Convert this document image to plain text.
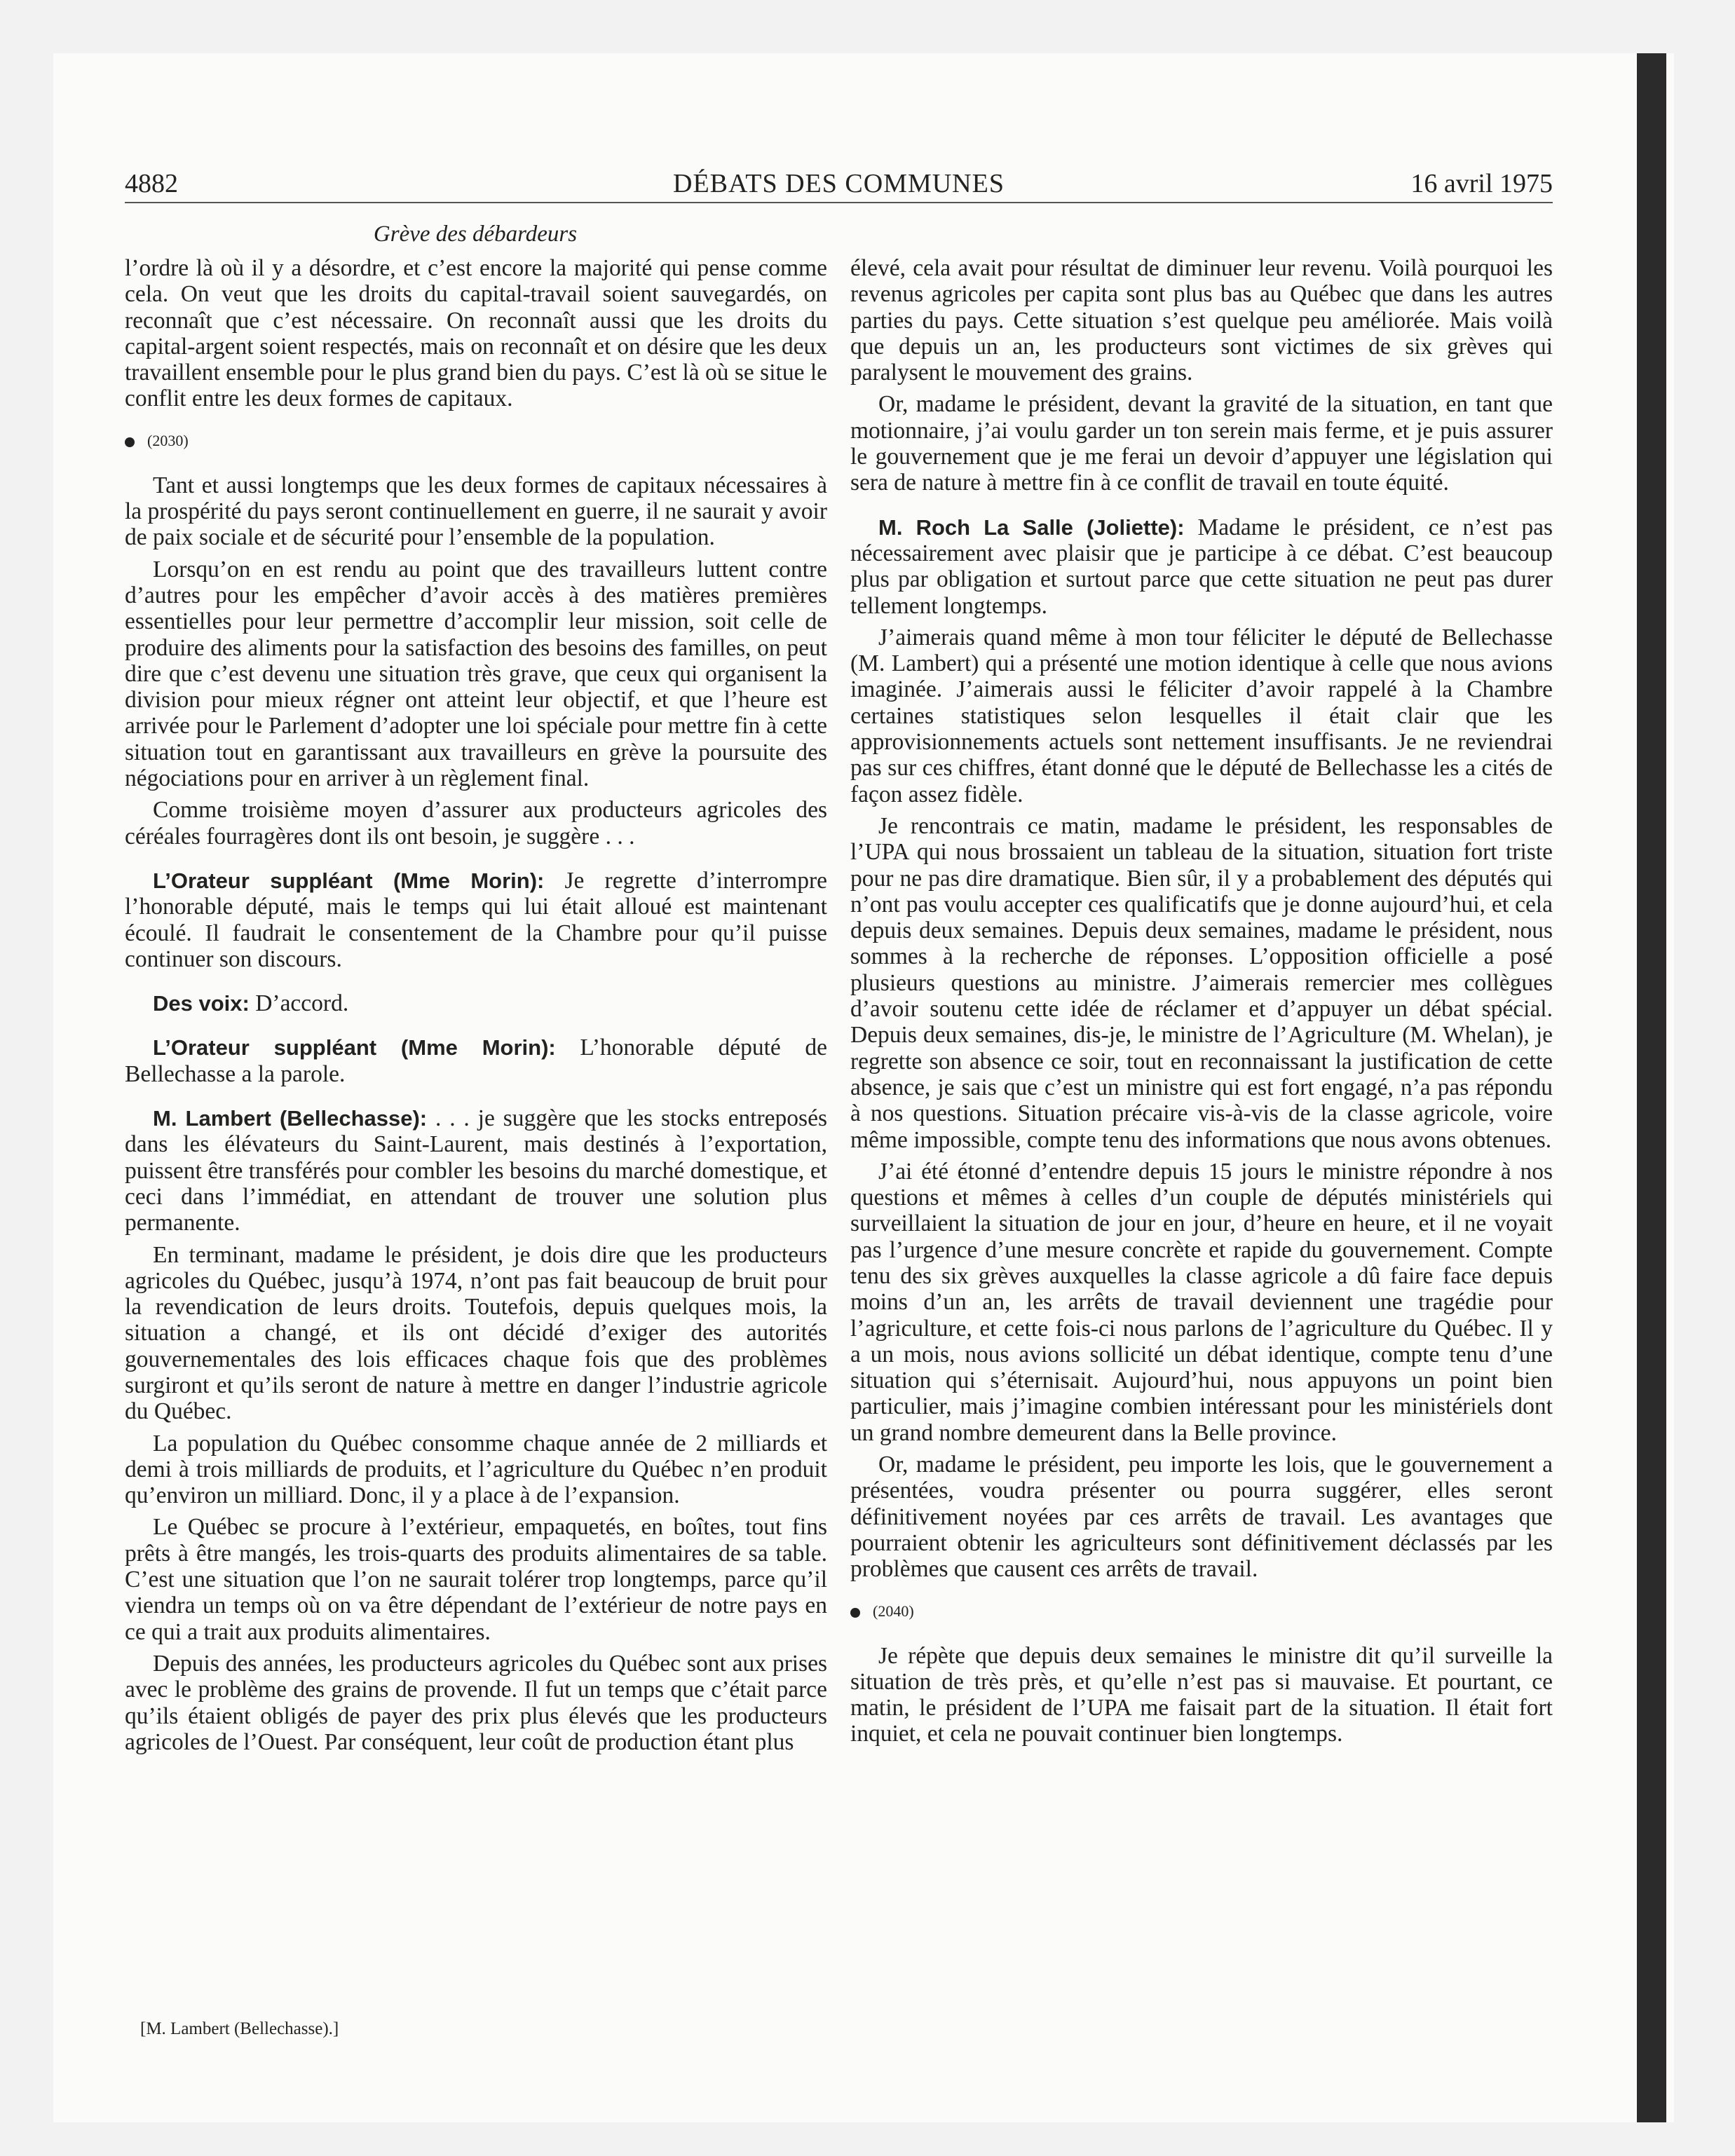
4882	DÉBATS DES COMMUNES	16 avril 1975
Grève des débardeurs

l’ordre là où il y a désordre, et c’est encore la majorité qui pense comme cela. On veut que les droits du capital-travail soient sauvegardés, on reconnaît que c’est nécessaire. On reconnaît aussi que les droits du capital-argent soient respectés, mais on reconnaît et on désire que les deux travaillent ensemble pour le plus grand bien du pays. C’est là où se situe le conflit entre les deux formes de capitaux.

(2030)

Tant et aussi longtemps que les deux formes de capitaux nécessaires à la prospérité du pays seront continuellement en guerre, il ne saurait y avoir de paix sociale et de sécurité pour l’ensemble de la population.

Lorsqu’on en est rendu au point que des travailleurs luttent contre d’autres pour les empêcher d’avoir accès à des matières premières essentielles pour leur permettre d’accomplir leur mission, soit celle de produire des aliments pour la satisfaction des besoins des familles, on peut dire que c’est devenu une situation très grave, que ceux qui organisent la division pour mieux régner ont atteint leur objectif, et que l’heure est arrivée pour le Parlement d’adopter une loi spéciale pour mettre fin à cette situation tout en garantissant aux travailleurs en grève la poursuite des négociations pour en arriver à un règlement final.

Comme troisième moyen d’assurer aux producteurs agricoles des céréales fourragères dont ils ont besoin, je suggère . . .

L’Orateur suppléant (Mme Morin): Je regrette d’interrompre l’honorable député, mais le temps qui lui était alloué est maintenant écoulé. Il faudrait le consentement de la Chambre pour qu’il puisse continuer son discours.

Des voix: D’accord.

L’Orateur suppléant (Mme Morin): L’honorable député de Bellechasse a la parole.

M. Lambert (Bellechasse): . . . je suggère que les stocks entreposés dans les élévateurs du Saint-Laurent, mais destinés à l’exportation, puissent être transférés pour combler les besoins du marché domestique, et ceci dans l’immédiat, en attendant de trouver une solution plus permanente.

En terminant, madame le président, je dois dire que les producteurs agricoles du Québec, jusqu’à 1974, n’ont pas fait beaucoup de bruit pour la revendication de leurs droits. Toutefois, depuis quelques mois, la situation a changé, et ils ont décidé d’exiger des autorités gouvernementales des lois efficaces chaque fois que des problèmes surgiront et qu’ils seront de nature à mettre en danger l’industrie agricole du Québec.

La population du Québec consomme chaque année de 2 milliards et demi à trois milliards de produits, et l’agriculture du Québec n’en produit qu’environ un milliard. Donc, il y a place à de l’expansion.

Le Québec se procure à l’extérieur, empaquetés, en boîtes, tout fins prêts à être mangés, les trois-quarts des produits alimentaires de sa table. C’est une situation que l’on ne saurait tolérer trop longtemps, parce qu’il viendra un temps où on va être dépendant de l’extérieur de notre pays en ce qui a trait aux produits alimentaires.

Depuis des années, les producteurs agricoles du Québec sont aux prises avec le problème des grains de provende. Il fut un temps que c’était parce qu’ils étaient obligés de payer des prix plus élevés que les producteurs agricoles de l’Ouest. Par conséquent, leur coût de production étant plus

élevé, cela avait pour résultat de diminuer leur revenu. Voilà pourquoi les revenus agricoles per capita sont plus bas au Québec que dans les autres parties du pays. Cette situation s’est quelque peu améliorée. Mais voilà que depuis un an, les producteurs sont victimes de six grèves qui paralysent le mouvement des grains.

Or, madame le président, devant la gravité de la situation, en tant que motionnaire, j’ai voulu garder un ton serein mais ferme, et je puis assurer le gouvernement que je me ferai un devoir d’appuyer une législation qui sera de nature à mettre fin à ce conflit de travail en toute équité.

M. Roch La Salle (Joliette): Madame le président, ce n’est pas nécessairement avec plaisir que je participe à ce débat. C’est beaucoup plus par obligation et surtout parce que cette situation ne peut pas durer tellement longtemps.

J’aimerais quand même à mon tour féliciter le député de Bellechasse (M. Lambert) qui a présenté une motion identique à celle que nous avions imaginée. J’aimerais aussi le féliciter d’avoir rappelé à la Chambre certaines statistiques selon lesquelles il était clair que les approvisionnements actuels sont nettement insuffisants. Je ne reviendrai pas sur ces chiffres, étant donné que le député de Bellechasse les a cités de façon assez fidèle.

Je rencontrais ce matin, madame le président, les responsables de l’UPA qui nous brossaient un tableau de la situation, situation fort triste pour ne pas dire dramatique. Bien sûr, il y a probablement des députés qui n’ont pas voulu accepter ces qualificatifs que je donne aujourd’hui, et cela depuis deux semaines. Depuis deux semaines, madame le président, nous sommes à la recherche de réponses. L’opposition officielle a posé plusieurs questions au ministre. J’aimerais remercier mes collègues d’avoir soutenu cette idée de réclamer et d’appuyer un débat spécial. Depuis deux semaines, dis-je, le ministre de l’Agriculture (M. Whelan), je regrette son absence ce soir, tout en reconnaissant la justification de cette absence, je sais que c’est un ministre qui est fort engagé, n’a pas répondu à nos questions. Situation précaire vis-à-vis de la classe agricole, voire même impossible, compte tenu des informations que nous avons obtenues.

J’ai été étonné d’entendre depuis 15 jours le ministre répondre à nos questions et mêmes à celles d’un couple de députés ministériels qui surveillaient la situation de jour en jour, d’heure en heure, et il ne voyait pas l’urgence d’une mesure concrète et rapide du gouvernement. Compte tenu des six grèves auxquelles la classe agricole a dû faire face depuis moins d’un an, les arrêts de travail deviennent une tragédie pour l’agriculture, et cette fois-ci nous parlons de l’agriculture du Québec. Il y a un mois, nous avions sollicité un débat identique, compte tenu d’une situation qui s’éternisait. Aujourd’hui, nous appuyons un point bien particulier, mais j’imagine combien intéressant pour les ministériels dont un grand nombre demeurent dans la Belle province.

Or, madame le président, peu importe les lois, que le gouvernement a présentées, voudra présenter ou pourra suggérer, elles seront définitivement noyées par ces arrêts de travail. Les avantages que pourraient obtenir les agriculteurs sont définitivement déclassés par les problèmes que causent ces arrêts de travail.

(2040)

Je répète que depuis deux semaines le ministre dit qu’il surveille la situation de très près, et qu’elle n’est pas si mauvaise. Et pourtant, ce matin, le président de l’UPA me faisait part de la situation. Il était fort inquiet, et cela ne pouvait continuer bien longtemps.

[M. Lambert (Bellechasse).]
